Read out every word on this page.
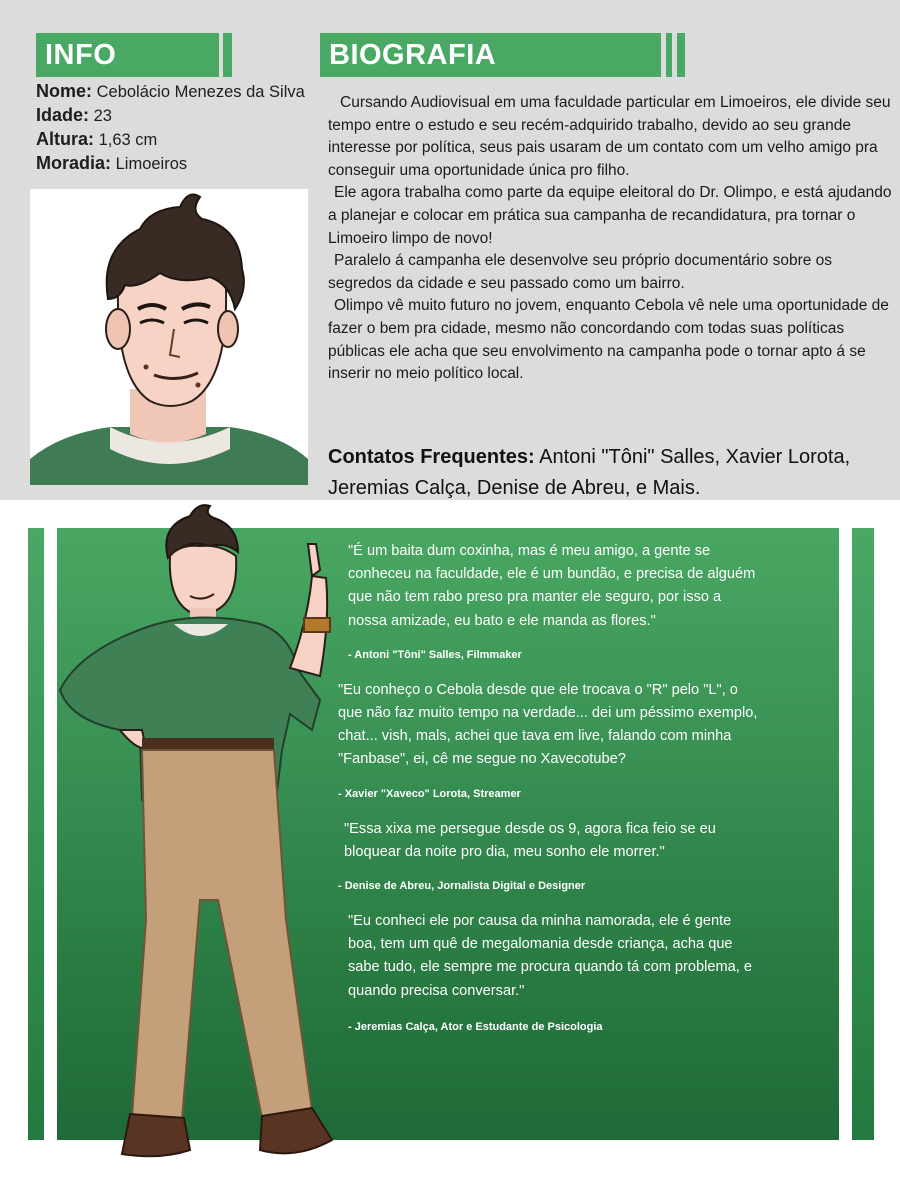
INFO	BIOGRAFIA
Nome: Cebolácio Menezes da Silva
Idade: 23
Altura: 1,63 cm
Moradia: Limoeiros

Cursando Audiovisual em uma faculdade particular em Limoeiros, ele divide seu tempo entre o estudo e seu recém-adquirido trabalho, devido ao seu grande interesse por política, seus pais usaram de um contato com um velho amigo pra conseguir uma oportunidade única pro filho.

Ele agora trabalha como parte da equipe eleitoral do Dr. Olimpo, e está ajudando a planejar e colocar em prática sua campanha de recandidatura, pra tornar o Limoeiro limpo de novo!

Paralelo á campanha ele desenvolve seu próprio documentário sobre os segredos da cidade e seu passado como um bairro.

Olimpo vê muito futuro no jovem, enquanto Cebola vê nele uma oportunidade de fazer o bem pra cidade, mesmo não concordando com todas suas políticas públicas ele acha que seu envolvimento na campanha pode o tornar apto á se inserir no meio político local.

Contatos Frequentes: Antoni "Tôni" Salles, Xavier Lorota, Jeremias Calça, Denise de Abreu, e Mais.
"É um baita dum coxinha, mas é meu amigo, a gente se conheceu na faculdade, ele é um bundão, e precisa de alguém que não tem rabo preso pra manter ele seguro, por isso a nossa amizade, eu bato e ele manda as flores."
- Antoni "Tôni" Salles, Filmmaker
"Eu conheço o Cebola desde que ele trocava o "R" pelo "L", o que não faz muito tempo na verdade... dei um péssimo exemplo, chat... vish, mals, achei que tava em live, falando com minha "Fanbase", ei, cê me segue no Xavecotube?
- Xavier "Xaveco" Lorota, Streamer
"Essa xixa me persegue desde os 9, agora fica feio se eu bloquear da noite pro dia, meu sonho ele morrer."
- Denise de Abreu, Jornalista Digital e Designer
"Eu conheci ele por causa da minha namorada, ele é gente boa, tem um quê de megalomania desde criança, acha que sabe tudo, ele sempre me procura quando tá com problema, e quando precisa conversar."
- Jeremias Calça, Ator e Estudante de Psicologia
